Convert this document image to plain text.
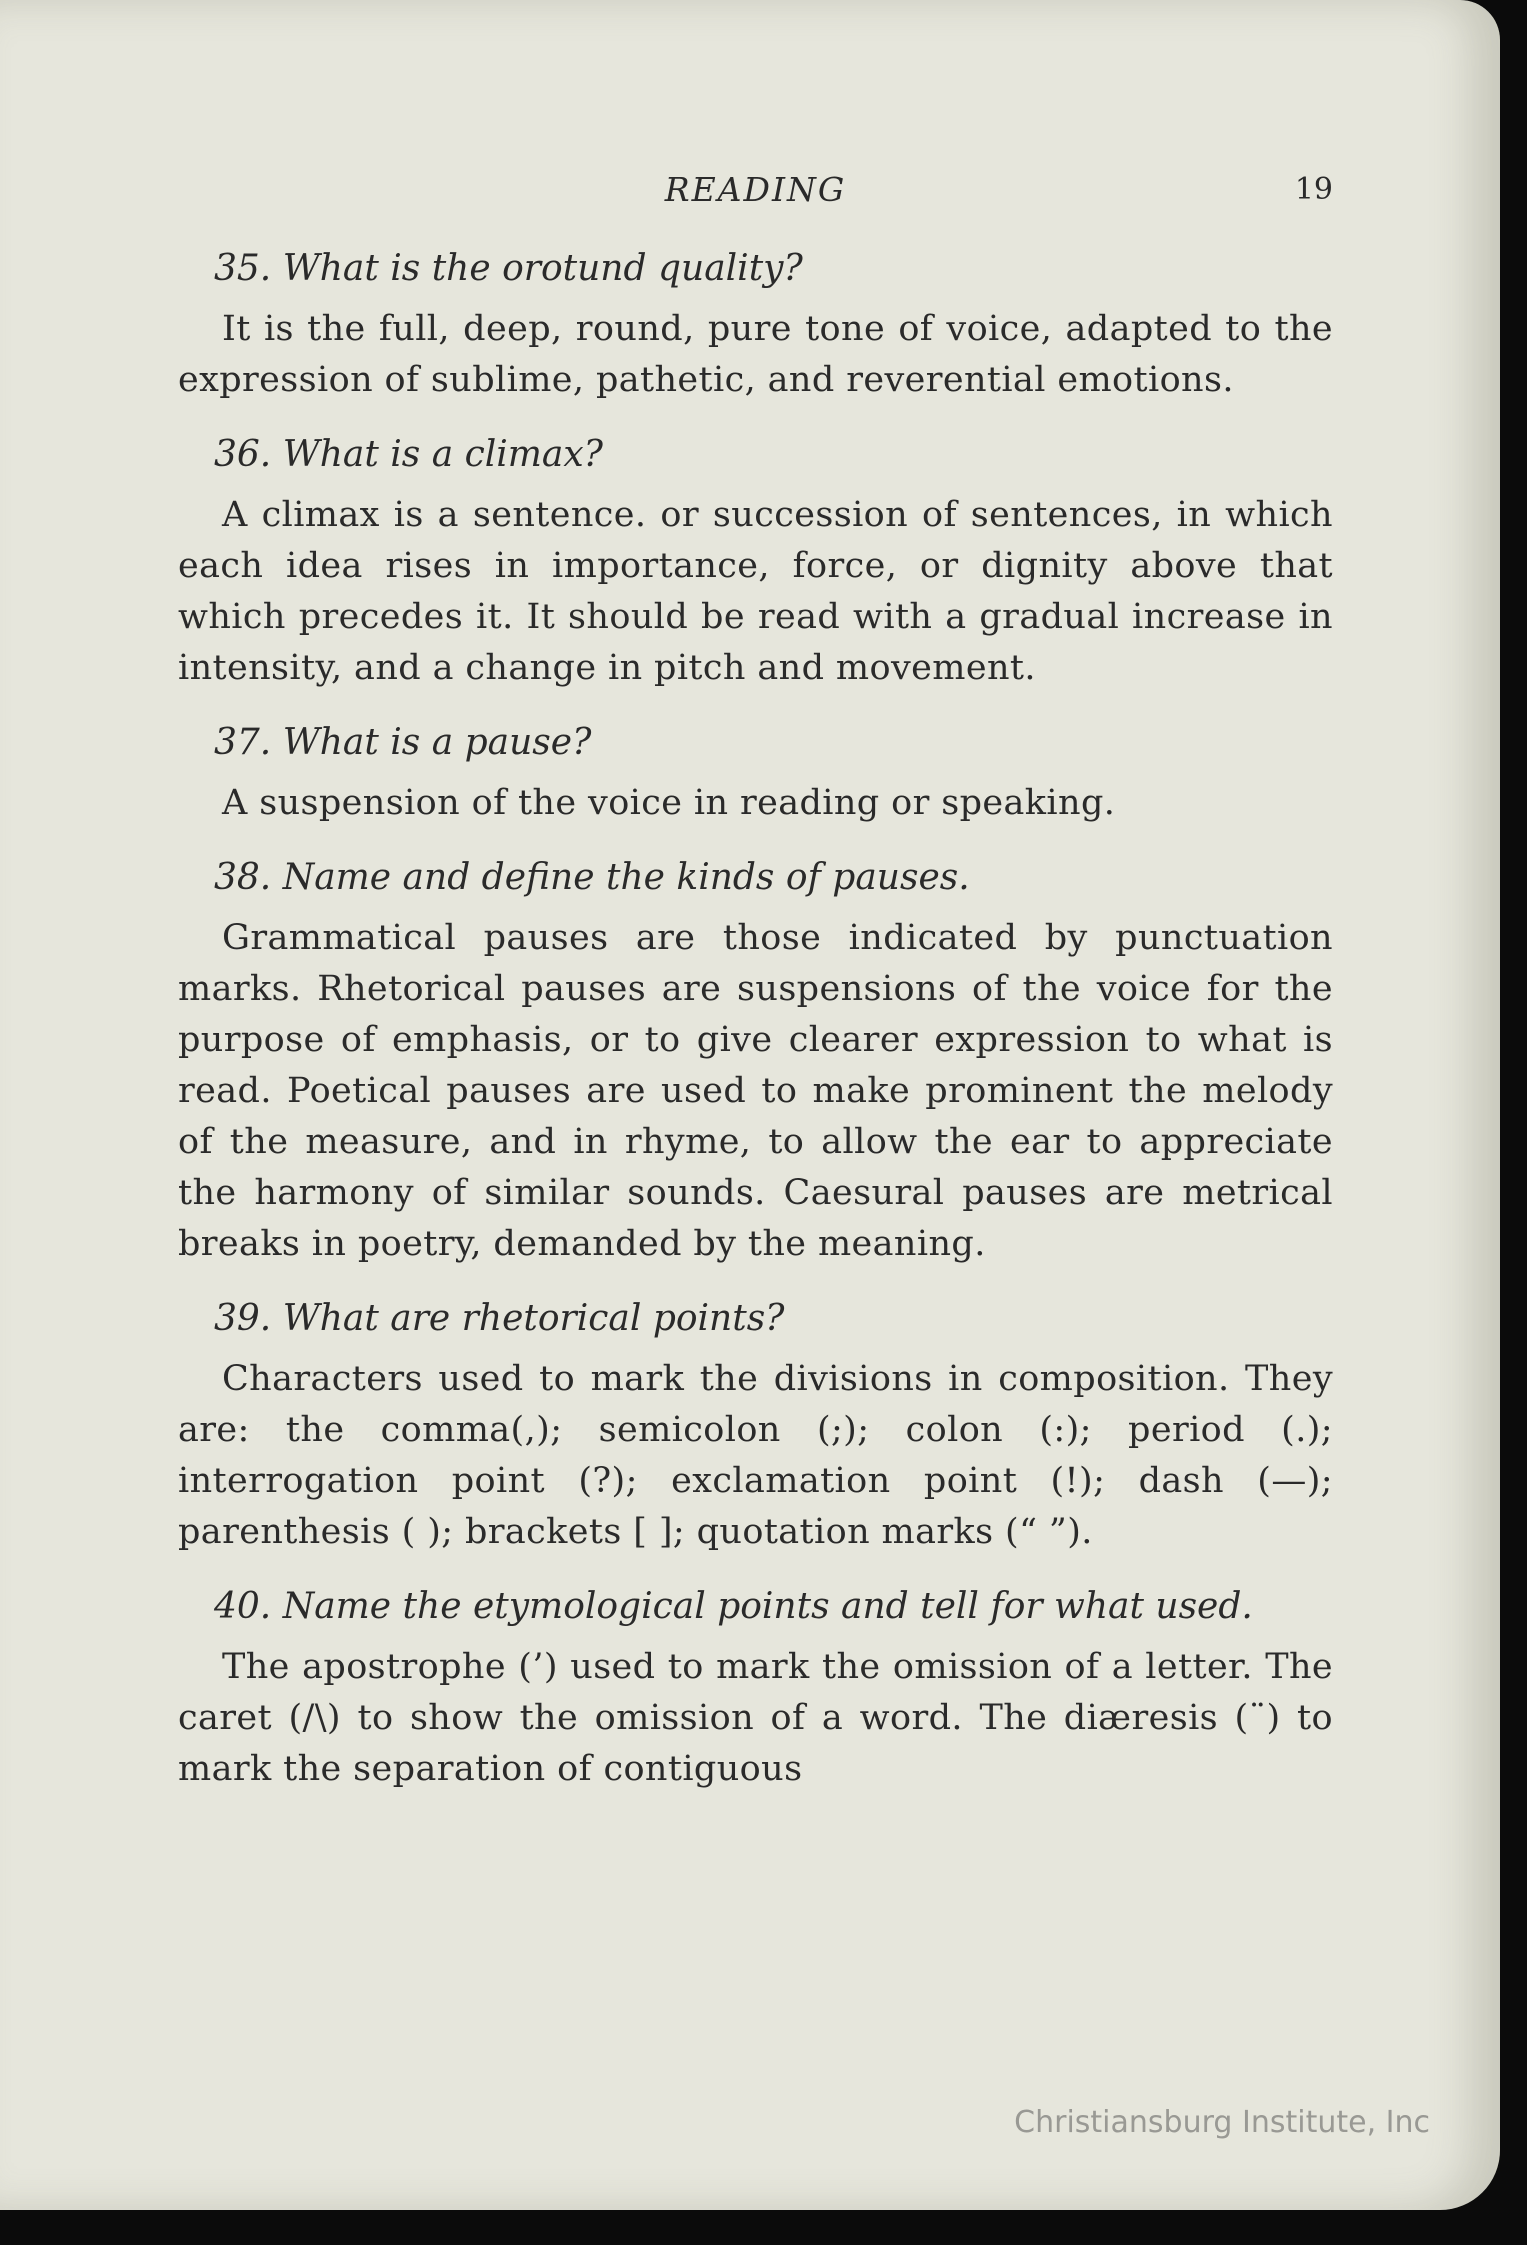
READING	19
35. What is the orotund quality?
It is the full, deep, round, pure tone of voice, adapted to the expression of sublime, pathetic, and reverential emotions.
36. What is a climax?
A climax is a sentence. or succession of sentences, in which each idea rises in importance, force, or dignity above that which precedes it. It should be read with a gradual increase in intensity, and a change in pitch and movement.
37. What is a pause?
A suspension of the voice in reading or speaking.
38. Name and define the kinds of pauses.
Grammatical pauses are those indicated by punctuation marks. Rhetorical pauses are suspensions of the voice for the purpose of emphasis, or to give clearer expression to what is read. Poetical pauses are used to make prominent the melody of the measure, and in rhyme, to allow the ear to appreciate the harmony of similar sounds. Caesural pauses are metrical breaks in poetry, demanded by the meaning.
39. What are rhetorical points?
Characters used to mark the divisions in composition. They are: the comma(,); semicolon (;); colon (:); period (.); interrogation point (?); exclamation point (!); dash (—); parenthesis ( ); brackets [ ]; quotation marks (“ ”).
40. Name the etymological points and tell for what used.
The apostrophe (’) used to mark the omission of a letter. The caret (/\) to show the omission of a word. The diæresis (¨) to mark the separation of contiguous
Christiansburg Institute, Inc
